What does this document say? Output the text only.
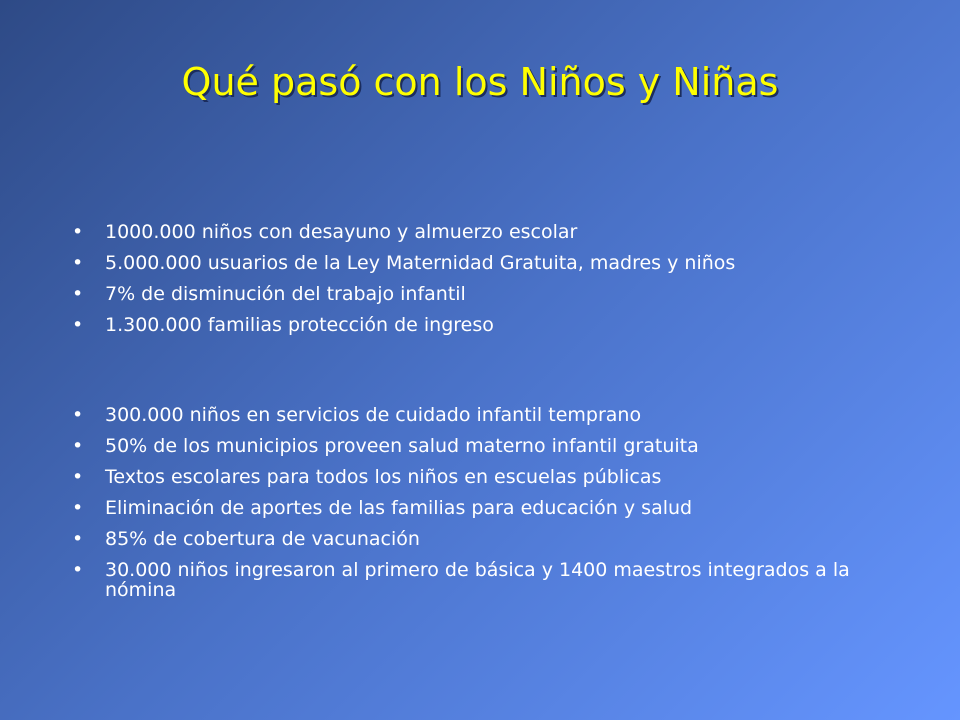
Qué pasó con los Niños y Niñas
•	1000.000 niños con desayuno y almuerzo escolar
•	5.000.000 usuarios de la Ley Maternidad Gratuita, madres y niños
•	7% de disminución del trabajo infantil
•	1.300.000 familias protección de ingreso
•	300.000 niños en servicios de cuidado infantil temprano
•	50% de los municipios proveen salud materno infantil gratuita
•	Textos escolares para todos los niños en escuelas públicas
•	Eliminación de aportes de las familias para educación y salud
•	85% de cobertura de vacunación
•	30.000 niños ingresaron al primero de básica y 1400 maestros integrados a la nómina
